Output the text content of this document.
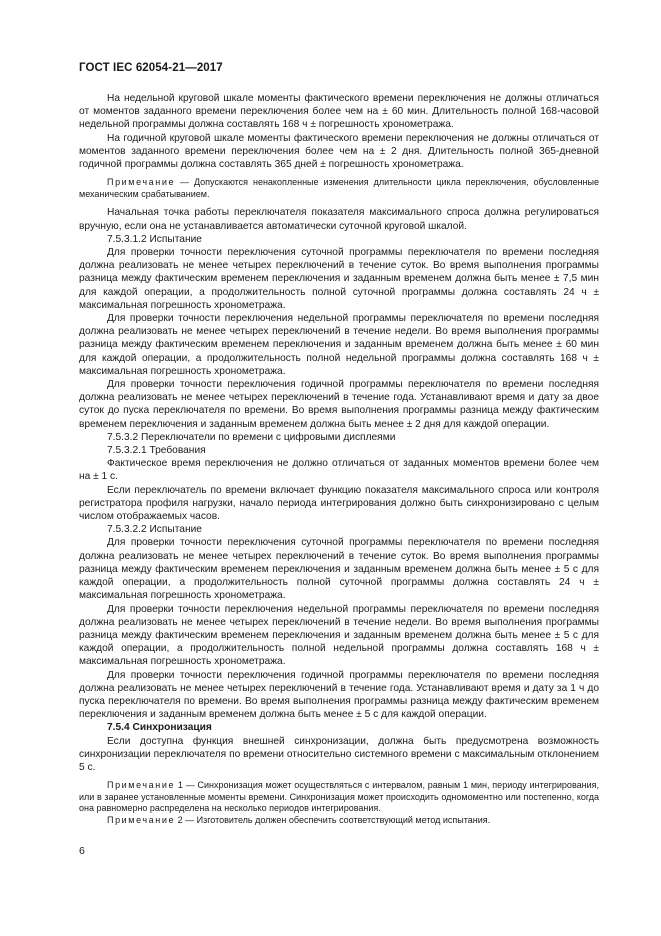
ГОСТ IEC 62054-21—2017

На недельной круговой шкале моменты фактического времени переключения не должны отличаться от моментов заданного времени переключения более чем на ± 60 мин. Длительность полной 168-часовой недельной программы должна составлять 168 ч ± погрешность хронометража.

На годичной круговой шкале моменты фактического времени переключения не должны отличаться от моментов заданного времени переключения более чем на ± 2 дня. Длительность полной 365-дневной годичной программы должна составлять 365 дней ± погрешность хронометража.

Примечание — Допускаются ненакопленные изменения длительности цикла переключения, обусловленные механическим срабатыванием.

Начальная точка работы переключателя показателя максимального спроса должна регулироваться вручную, если она не устанавливается автоматически суточной круговой шкалой.

7.5.3.1.2 Испытание

Для проверки точности переключения суточной программы переключателя по времени последняя должна реализовать не менее четырех переключений в течение суток. Во время выполнения программы разница между фактическим временем переключения и заданным временем должна быть менее ± 7,5 мин для каждой операции, а продолжительность полной суточной программы должна составлять 24 ч ± максимальная погрешность хронометража.

Для проверки точности переключения недельной программы переключателя по времени последняя должна реализовать не менее четырех переключений в течение недели. Во время выполнения программы разница между фактическим временем переключения и заданным временем должна быть менее ± 60 мин для каждой операции, а продолжительность полной недельной программы должна составлять 168 ч ± максимальная погрешность хронометража.

Для проверки точности переключения годичной программы переключателя по времени последняя должна реализовать не менее четырех переключений в течение года. Устанавливают время и дату за двое суток до пуска переключателя по времени. Во время выполнения программы разница между фактическим временем переключения и заданным временем должна быть менее ± 2 дня для каждой операции.

7.5.3.2 Переключатели по времени с цифровыми дисплеями

7.5.3.2.1 Требования

Фактическое время переключения не должно отличаться от заданных моментов времени более чем на ± 1 с.

Если переключатель по времени включает функцию показателя максимального спроса или контроля регистратора профиля нагрузки, начало периода интегрирования должно быть синхронизировано с целым числом отображаемых часов.

7.5.3.2.2 Испытание

Для проверки точности переключения суточной программы переключателя по времени последняя должна реализовать не менее четырех переключений в течение суток. Во время выполнения программы разница между фактическим временем переключения и заданным временем должна быть менее ± 5 с для каждой операции, а продолжительность полной суточной программы должна составлять 24 ч ± максимальная погрешность хронометража.

Для проверки точности переключения недельной программы переключателя по времени последняя должна реализовать не менее четырех переключений в течение недели. Во время выполнения программы разница между фактическим временем переключения и заданным временем должна быть менее ± 5 с для каждой операции, а продолжительность полной недельной программы должна составлять 168 ч ± максимальная погрешность хронометража.

Для проверки точности переключения годичной программы переключателя по времени последняя должна реализовать не менее четырех переключений в течение года. Устанавливают время и дату за 1 ч до пуска переключателя по времени. Во время выполнения программы разница между фактическим временем переключения и заданным временем должна быть менее ± 5 с для каждой операции.

7.5.4 Синхронизация

Если доступна функция внешней синхронизации, должна быть предусмотрена возможность синхронизации переключателя по времени относительно системного времени с максимальным отклонением 5 с.

Примечание 1 — Синхронизация может осуществляться с интервалом, равным 1 мин, периоду интегрирования, или в заранее установленные моменты времени. Синхронизация может происходить одномоментно или постепенно, когда она равномерно распределена на несколько периодов интегрирования.

Примечание 2 — Изготовитель должен обеспечить соответствующий метод испытания.

6
